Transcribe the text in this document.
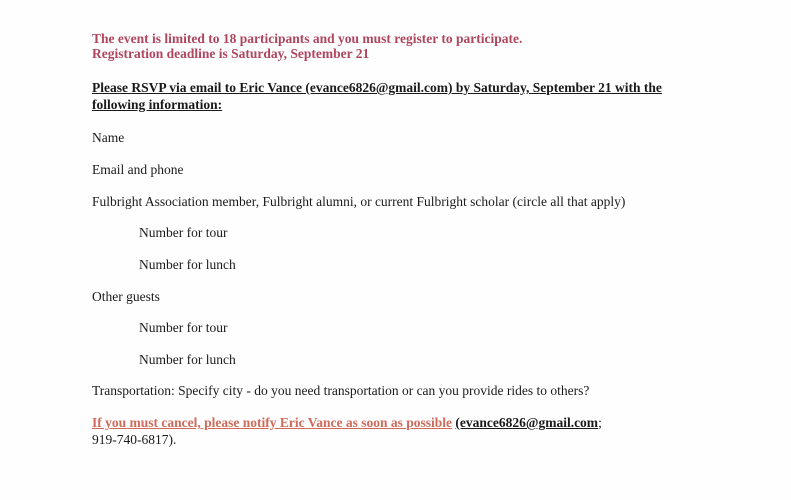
The event is limited to 18 participants and you must register to participate.
Registration deadline is Saturday, September 21
Please RSVP via email to Eric Vance (evance6826@gmail.com) by Saturday, September 21 with the
following information:
Name
Email and phone
Fulbright Association member, Fulbright alumni, or current Fulbright scholar (circle all that apply)
Number for tour
Number for lunch
Other guests
Number for tour
Number for lunch
Transportation: Specify city - do you need transportation or can you provide rides to others?
If you must cancel, please notify Eric Vance as soon as possible (evance6826@gmail.com;
919-740-6817).
